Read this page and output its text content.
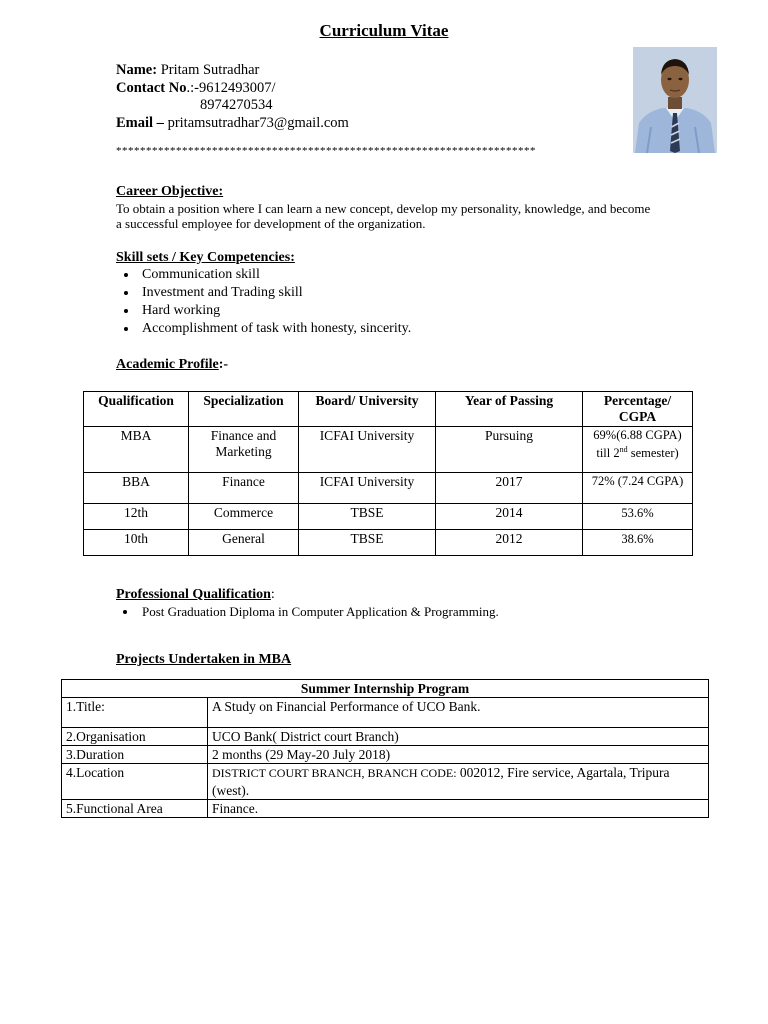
Curriculum Vitae
Name: Pritam Sutradhar
Contact No.:-9612493007/
8974270534
Email – pritamsutradhar73@gmail.com
**********************************************************************
Career Objective:
To obtain a position where I can learn a new concept, develop my personality, knowledge, and become a successful employee for development of the organization.
Skill sets / Key Competencies:
• Communication skill
• Investment and Trading skill
• Hard working
• Accomplishment of task with honesty, sincerity.
Academic Profile:-
Qualification	Specialization	Board/ University	Year of Passing	Percentage/ CGPA
MBA	Finance and Marketing	ICFAI University	Pursuing	69%(6.88 CGPA) till 2nd semester)
BBA	Finance	ICFAI University	2017	72% (7.24 CGPA)
12th	Commerce	TBSE	2014	53.6%
10th	General	TBSE	2012	38.6%
Professional Qualification:
• Post Graduation Diploma in Computer Application & Programming.
Projects Undertaken in MBA
Summer Internship Program	
1.Title:	A Study on Financial Performance of UCO Bank.
2.Organisation	UCO Bank( District court Branch)
3.Duration	2 months (29 May-20 July 2018)
4.Location	DISTRICT COURT BRANCH, BRANCH CODE: 002012, Fire service, Agartala, Tripura (west).
5.Functional Area	Finance.
